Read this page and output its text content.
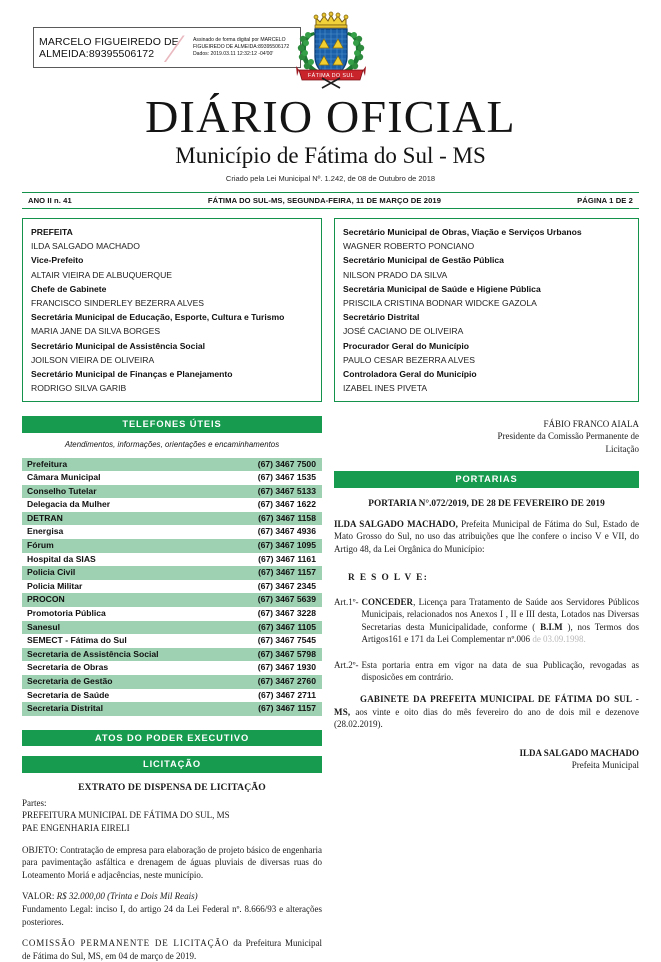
MARCELO FIGUEIREDO DE
ALMEIDA:89395506172 ⁄	Assinado de forma digital por MARCELO
FIGUEIREDO DE ALMEIDA:89395506172
Dados: 2019.03.11 12:32:12 -04'00'
FÁTIMA DO SUL
DIÁRIO OFICIAL
Município de Fátima do Sul - MS
Criado pela Lei Municipal Nº. 1.242, de 08 de Outubro de 2018
ANO II n. 41	FÁTIMA DO SUL-MS, SEGUNDA-FEIRA, 11 DE MARÇO DE 2019	PÁGINA 1 DE 2
PREFEITA
ILDA SALGADO MACHADO
Vice-Prefeito
ALTAIR VIEIRA DE ALBUQUERQUE
Chefe de Gabinete
FRANCISCO SINDERLEY BEZERRA ALVES
Secretária Municipal de Educação, Esporte, Cultura e Turismo
MARIA JANE DA SILVA BORGES
Secretário Municipal de Assistência Social
JOILSON VIEIRA DE OLIVEIRA
Secretário Municipal de Finanças e Planejamento
RODRIGO SILVA GARIB
TELEFONES ÚTEIS
Atendimentos, informações, orientações e encaminhamentos
Prefeitura	(67) 3467 7500
Câmara Municipal	(67) 3467 1535
Conselho Tutelar	(67) 3467 5133
Delegacia da Mulher	(67) 3467 1622
DETRAN	(67) 3467 1158
Energisa	(67) 3467 4936
Fórum	(67) 3467 1095
Hospital da SIAS	(67) 3467 1161
Policia Civil	(67) 3467 1157
Policia Militar	(67) 3467 2345
PROCON	(67) 3467 5639
Promotoria Pública	(67) 3467 3228
Sanesul	(67) 3467 1105
SEMECT - Fátima do Sul	(67) 3467 7545
Secretaria de Assistência Social	(67) 3467 5798
Secretaria de Obras	(67) 3467 1930
Secretaria de Gestão	(67) 3467 2760
Secretaria de Saúde	(67) 3467 2711
Secretaria Distrital	(67) 3467 1157
ATOS DO PODER EXECUTIVO
LICITAÇÃO
EXTRATO DE DISPENSA DE LICITAÇÃO
Partes:
PREFEITURA MUNICIPAL DE FÁTIMA DO SUL, MS
PAE ENGENHARIA EIRELI
OBJETO: Contratação de empresa para elaboração de projeto básico de engenharia para pavimentação asfáltica e drenagem de águas pluviais de diversas ruas do Loteamento Moriá e adjacências, neste município.
VALOR: R$ 32.000,00 (Trinta e Dois Mil Reais)
Fundamento Legal: inciso I, do artigo 24 da Lei Federal nº. 8.666/93 e alterações posteriores.
COMISSÃO PERMANENTE DE LICITAÇÃO da Prefeitura Municipal de Fátima do Sul, MS, em 04 de março de 2019.
Secretário Municipal de Obras, Viação e Serviços Urbanos
WAGNER ROBERTO PONCIANO
Secretário Municipal de Gestão Pública
NILSON PRADO DA SILVA
Secretária Municipal de Saúde e Higiene Pública
PRISCILA CRISTINA BODNAR WIDCKE GAZOLA
Secretário Distrital
JOSÉ CACIANO DE OLIVEIRA
Procurador Geral do Município
PAULO CESAR BEZERRA ALVES
Controladora Geral do Município
IZABEL INES PIVETA
FÁBIO FRANCO AIALA
Presidente da Comissão Permanente de
Licitação
PORTARIAS
PORTARIA N°.072/2019, DE 28 DE FEVEREIRO DE 2019
ILDA SALGADO MACHADO, Prefeita Municipal de Fátima do Sul, Estado de Mato Grosso do Sul, no uso das atribuições que lhe confere o inciso V e VII, do Artigo 48, da Lei Orgânica do Município:
R E S O L V E:
Art.1º- CONCEDER, Licença para Tratamento de Saúde aos Servidores Públicos Municipais, relacionados nos Anexos I , II e III desta, Lotados nas Diversas Secretarias desta Municipalidade, conforme ( B.I.M ), nos Termos dos Artigos161 e 171 da Lei Complementar nº.006 de 03.09.1998.
Art.2º- Esta portaria entra em vigor na data de sua Publicação, revogadas as disposicões em contrário.
GABINETE DA PREFEITA MUNICIPAL DE FÁTIMA DO SUL - MS, aos vinte e oito dias do mês fevereiro do ano de dois mil e dezenove (28.02.2019).
ILDA SALGADO MACHADO
Prefeita Municipal
